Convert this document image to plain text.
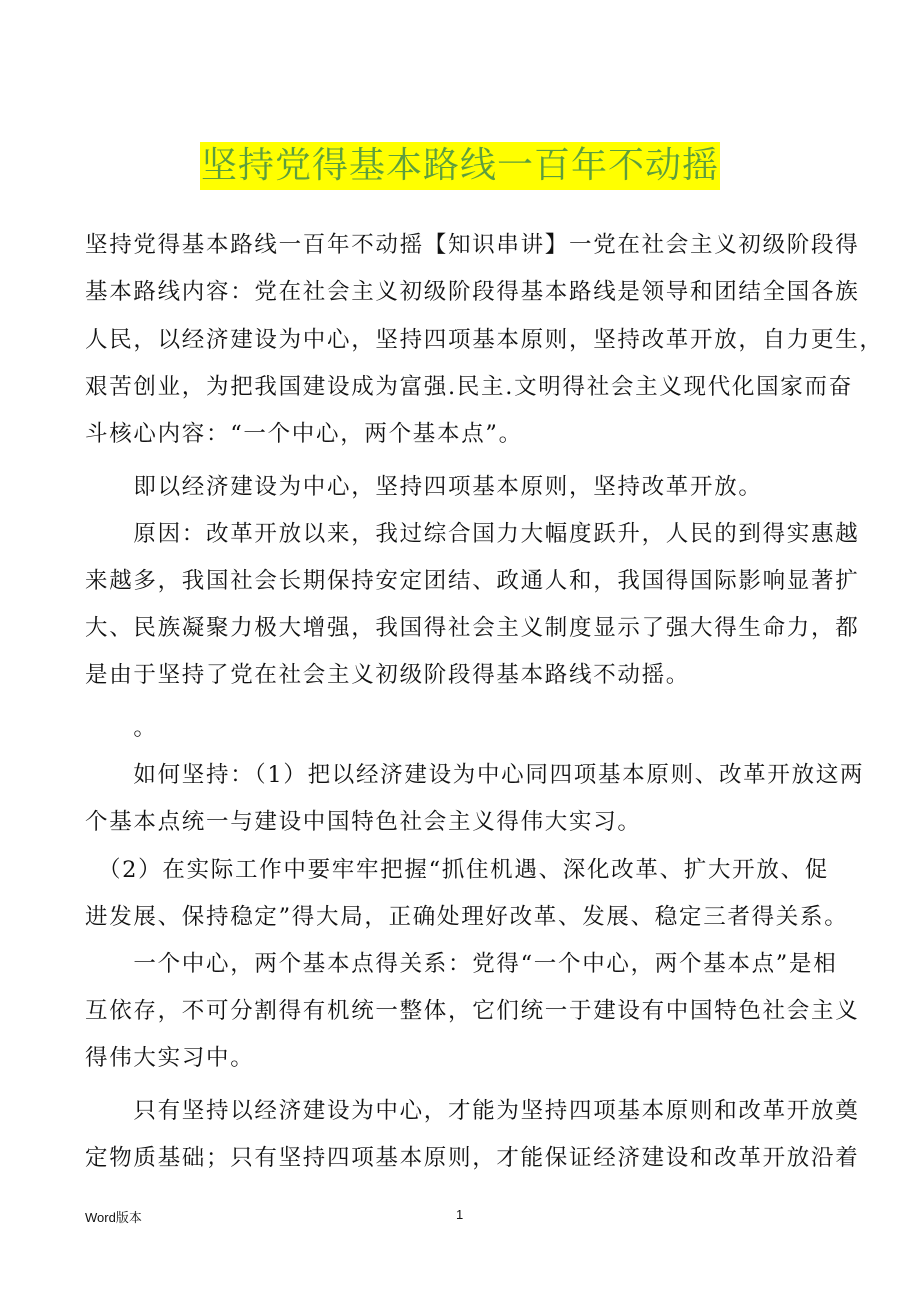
坚持党得基本路线一百年不动摇
坚持党得基本路线一百年不动摇【知识串讲】一党在社会主义初级阶段得
基本路线内容：党在社会主义初级阶段得基本路线是领导和团结全国各族
人民，以经济建设为中心，坚持四项基本原则，坚持改革开放，自力更生，
艰苦创业，为把我国建设成为富强.民主.文明得社会主义现代化国家而奋
斗核心内容：“一个中心，两个基本点”。
　　即以经济建设为中心，坚持四项基本原则，坚持改革开放。
　　原因：改革开放以来，我过综合国力大幅度跃升，人民的到得实惠越
来越多，我国社会长期保持安定团结、政通人和，我国得国际影响显著扩
大、民族凝聚力极大增强，我国得社会主义制度显示了强大得生命力，都
是由于坚持了党在社会主义初级阶段得基本路线不动摇。
　　。
　　如何坚持：（1）把以经济建设为中心同四项基本原则、改革开放这两
个基本点统一与建设中国特色社会主义得伟大实习。
　（2）在实际工作中要牢牢把握“抓住机遇、深化改革、扩大开放、促
进发展、保持稳定”得大局，正确处理好改革、发展、稳定三者得关系。
　　一个中心，两个基本点得关系：党得“一个中心，两个基本点”是相
互依存，不可分割得有机统一整体，它们统一于建设有中国特色社会主义
得伟大实习中。
　　只有坚持以经济建设为中心，才能为坚持四项基本原则和改革开放奠
定物质基础；只有坚持四项基本原则，才能保证经济建设和改革开放沿着
Word版本	1
